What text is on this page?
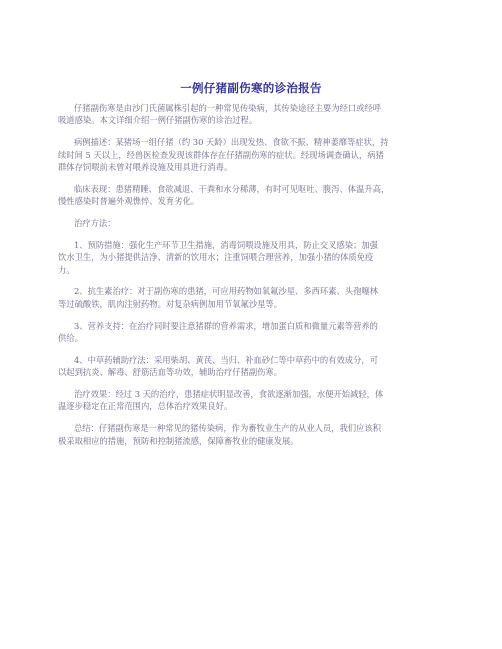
一例仔猪副伤寒的诊治报告

仔猪副伤寒是由沙门氏菌属株引起的一种常见传染病，其传染途径主要为经口或经呼
吸道感染。本文详细介绍一例仔猪副伤寒的诊治过程。

病例描述：某猪场一组仔猪（约 30 天龄）出现发热、食欲不振、精神萎靡等症状，持
续时间 5 天以上，经兽医检查发现该群体存在仔猪副伤寒的症状。经现场调查确认，病猪
群体存饲喂前未曾对喂养设施及用具进行消毒。

临床表现：患猪精睡、食欲减退、干粪和水分稀薄，有时可见呕吐、腹泻、体温升高，
慢性感染时普遍外观憔悴、发育劣化。

治疗方法：

1、预防措施：强化生产环节卫生措施，消毒饲喂设施及用具，防止交叉感染；加强
饮水卫生，为小猪提供洁净、清新的饮用水；注重饲喂合理营养，加强小猪的体质免疫
力。

2、抗生素治疗：对于副伤寒的患猪，可应用药物如氧氟沙星、多西环素、头孢噻林
等过硫酸铁，肌肉注射药物。对复杂病例加用节氧氟沙星等。

3、营养支持：在治疗同时要注意猪群的营养需求，增加蛋白质和微量元素等营养的
供给。

4、中草药辅助疗法：采用柴胡、黄芪、当归、补血砂仁等中草药中的有效成分，可
以起到抗炎、解毒、舒筋活血等功效，辅助治疗仔猪副伤寒。

治疗效果：经过 3 天的治疗，患猪症状明显改善，食欲逐渐加强，水便开始减轻，体
温逐步稳定在正常范围内，总体治疗效果良好。

总结：仔猪副伤寒是一种常见的猪传染病，作为畜牧业生产的从业人员，我们应该积
极采取相应的措施，预防和控制猪流感，保障畜牧业的健康发展。
